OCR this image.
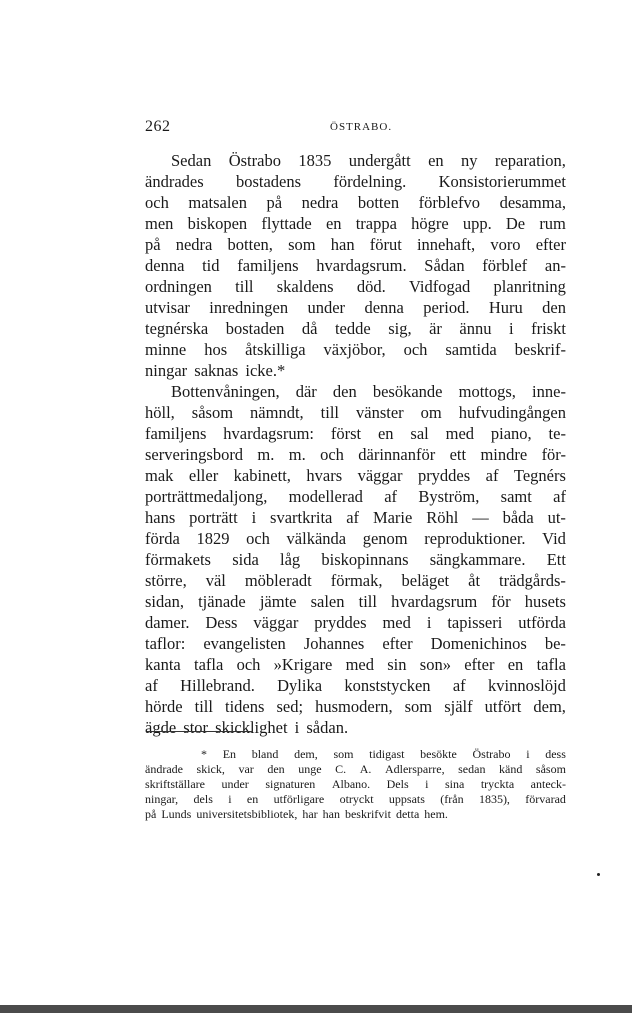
262	ÖSTRABO.
Sedan Östrabo 1835 undergått en ny reparation,
ändrades bostadens fördelning. Konsistorierummet
och matsalen på nedra botten förblefvo desamma,
men biskopen flyttade en trappa högre upp. De rum
på nedra botten, som han förut innehaft, voro efter
denna tid familjens hvardagsrum. Sådan förblef an-
ordningen till skaldens död. Vidfogad planritning
utvisar inredningen under denna period. Huru den
tegnérska bostaden då tedde sig, är ännu i friskt
minne hos åtskilliga växjöbor, och samtida beskrif-
ningar saknas icke.*
Bottenvåningen, där den besökande mottogs, inne-
höll, såsom nämndt, till vänster om hufvudingången
familjens hvardagsrum: först en sal med piano, te-
serveringsbord m. m. och därinnanför ett mindre för-
mak eller kabinett, hvars väggar pryddes af Tegnérs
porträttmedaljong, modellerad af Byström, samt af
hans porträtt i svartkrita af Marie Röhl — båda ut-
förda 1829 och välkända genom reproduktioner. Vid
förmakets sida låg biskopinnans sängkammare. Ett
större, väl möbleradt förmak, beläget åt trädgårds-
sidan, tjänade jämte salen till hvardagsrum för husets
damer. Dess väggar pryddes med i tapisseri utförda
taflor: evangelisten Johannes efter Domenichinos be-
kanta tafla och »Krigare med sin son» efter en tafla
af Hillebrand. Dylika konststycken af kvinnoslöjd
hörde till tidens sed; husmodern, som själf utfört dem,
ägde stor skicklighet i sådan.
* En bland dem, som tidigast besökte Östrabo i dess
ändrade skick, var den unge C. A. Adlersparre, sedan känd såsom
skriftställare under signaturen Albano. Dels i sina tryckta anteck-
ningar, dels i en utförligare otryckt uppsats (från 1835), förvarad
på Lunds universitetsbibliotek, har han beskrifvit detta hem.
